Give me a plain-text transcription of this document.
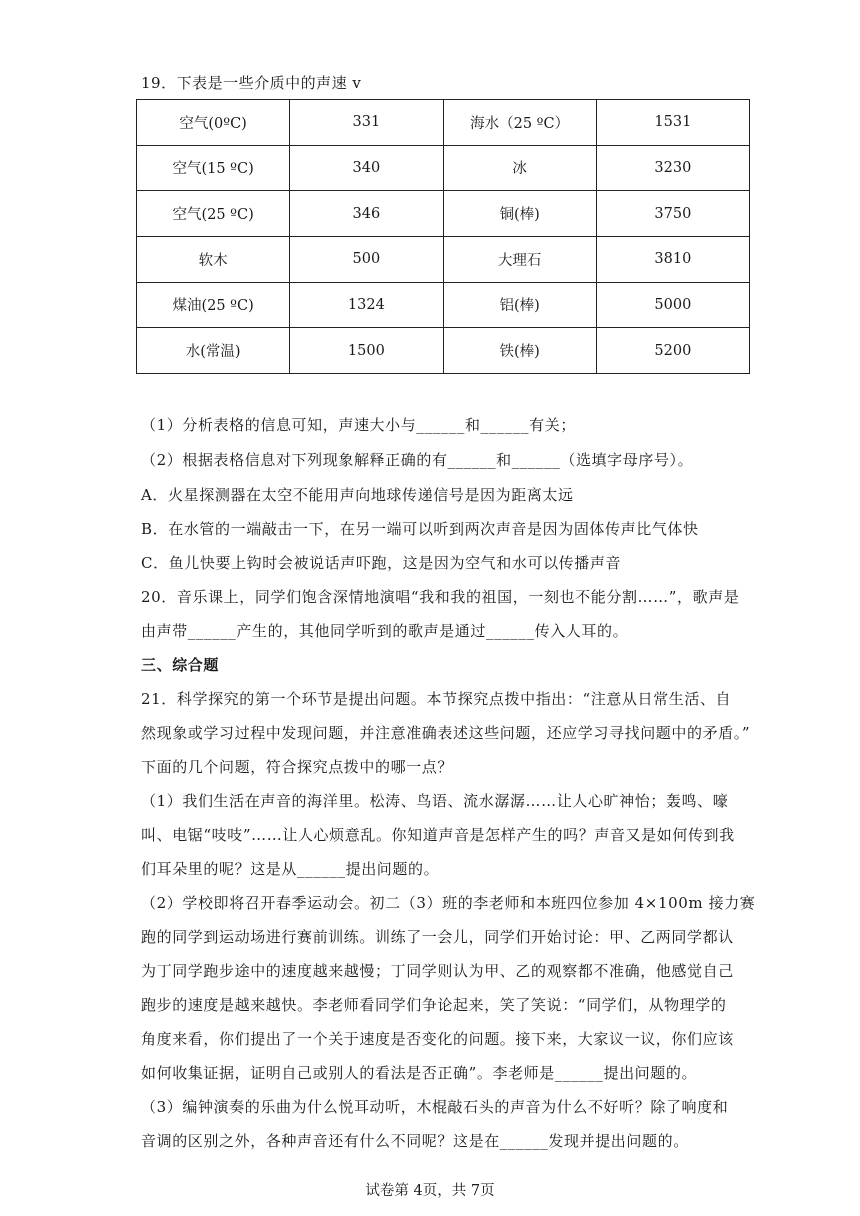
19．下表是一些介质中的声速 v
空气(0ºC)	331	海水（25 ºC）	1531
空气(15 ºC)	340	冰	3230
空气(25 ºC)	346	铜(棒)	3750
软木	500	大理石	3810
煤油(25 ºC)	1324	铝(棒)	5000
水(常温)	1500	铁(棒)	5200
（1）分析表格的信息可知，声速大小与______和______有关；
（2）根据表格信息对下列现象解释正确的有______和______（选填字母序号）。
A．火星探测器在太空不能用声向地球传递信号是因为距离太远
B．在水管的一端敲击一下，在另一端可以听到两次声音是因为固体传声比气体快
C．鱼儿快要上钩时会被说话声吓跑，这是因为空气和水可以传播声音
20．音乐课上，同学们饱含深情地演唱“我和我的祖国，一刻也不能分割……”，歌声是
由声带______产生的，其他同学听到的歌声是通过______传入人耳的。
三、综合题
21．科学探究的第一个环节是提出问题。本节探究点拨中指出：“注意从日常生活、自
然现象或学习过程中发现问题，并注意准确表述这些问题，还应学习寻找问题中的矛盾。”
下面的几个问题，符合探究点拨中的哪一点？
（1）我们生活在声音的海洋里。松涛、鸟语、流水潺潺……让人心旷神怡；轰鸣、嚎
叫、电锯“吱吱”……让人心烦意乱。你知道声音是怎样产生的吗？声音又是如何传到我
们耳朵里的呢？这是从______提出问题的。
（2）学校即将召开春季运动会。初二（3）班的李老师和本班四位参加 4×100m 接力赛
跑的同学到运动场进行赛前训练。训练了一会儿，同学们开始讨论：甲、乙两同学都认
为丁同学跑步途中的速度越来越慢；丁同学则认为甲、乙的观察都不准确，他感觉自己
跑步的速度是越来越快。李老师看同学们争论起来，笑了笑说：“同学们，从物理学的
角度来看，你们提出了一个关于速度是否变化的问题。接下来，大家议一议，你们应该
如何收集证据，证明自己或别人的看法是否正确”。李老师是______提出问题的。
（3）编钟演奏的乐曲为什么悦耳动听，木棍敲石头的声音为什么不好听？除了响度和
音调的区别之外，各种声音还有什么不同呢？这是在______发现并提出问题的。
试卷第 4页，共 7页
